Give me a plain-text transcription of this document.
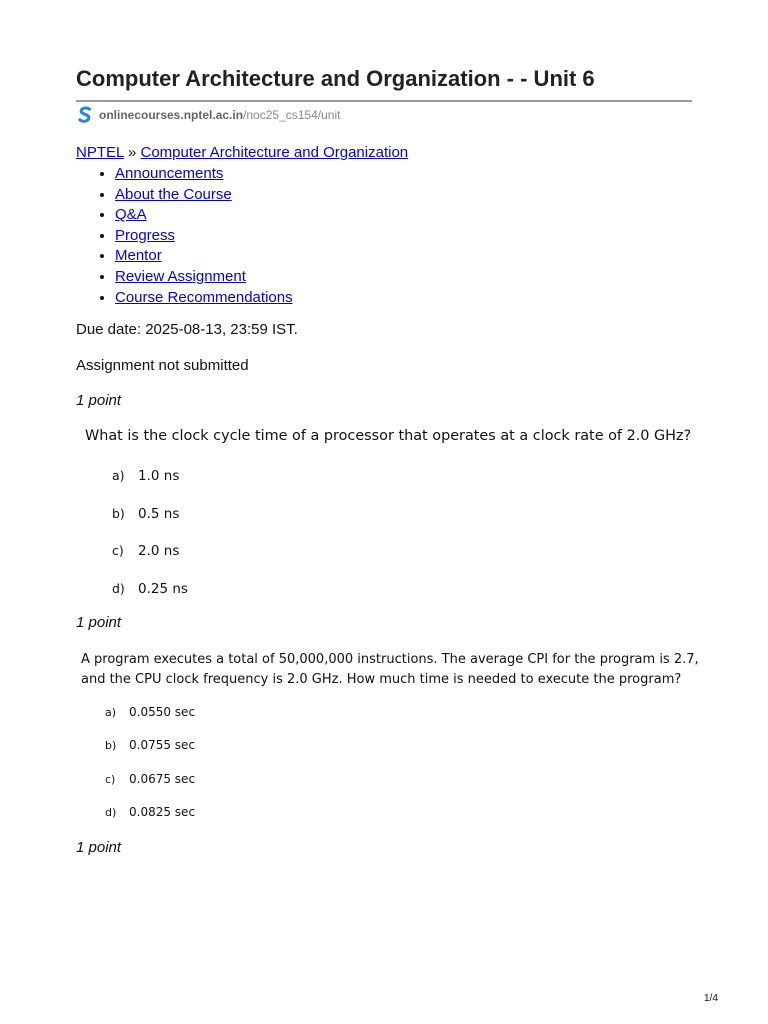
Computer Architecture and Organization - - Unit 6
onlinecourses.nptel.ac.in /noc25_cs154/unit
NPTEL » Computer Architecture and Organization
• Announcements
• About the Course
• Q&A
• Progress
• Mentor
• Review Assignment
• Course Recommendations
Due date: 2025-08-13, 23:59 IST.
Assignment not submitted
1 point
What is the clock cycle time of a processor that operates at a clock rate of 2.0 GHz?
a) 1.0 ns
b) 0.5 ns
c) 2.0 ns
d) 0.25 ns
1 point
A program executes a total of 50,000,000 instructions. The average CPI for the program is 2.7,
and the CPU clock frequency is 2.0 GHz. How much time is needed to execute the program?
a) 0.0550 sec
b) 0.0755 sec
c) 0.0675 sec
d) 0.0825 sec
1 point
1/4
